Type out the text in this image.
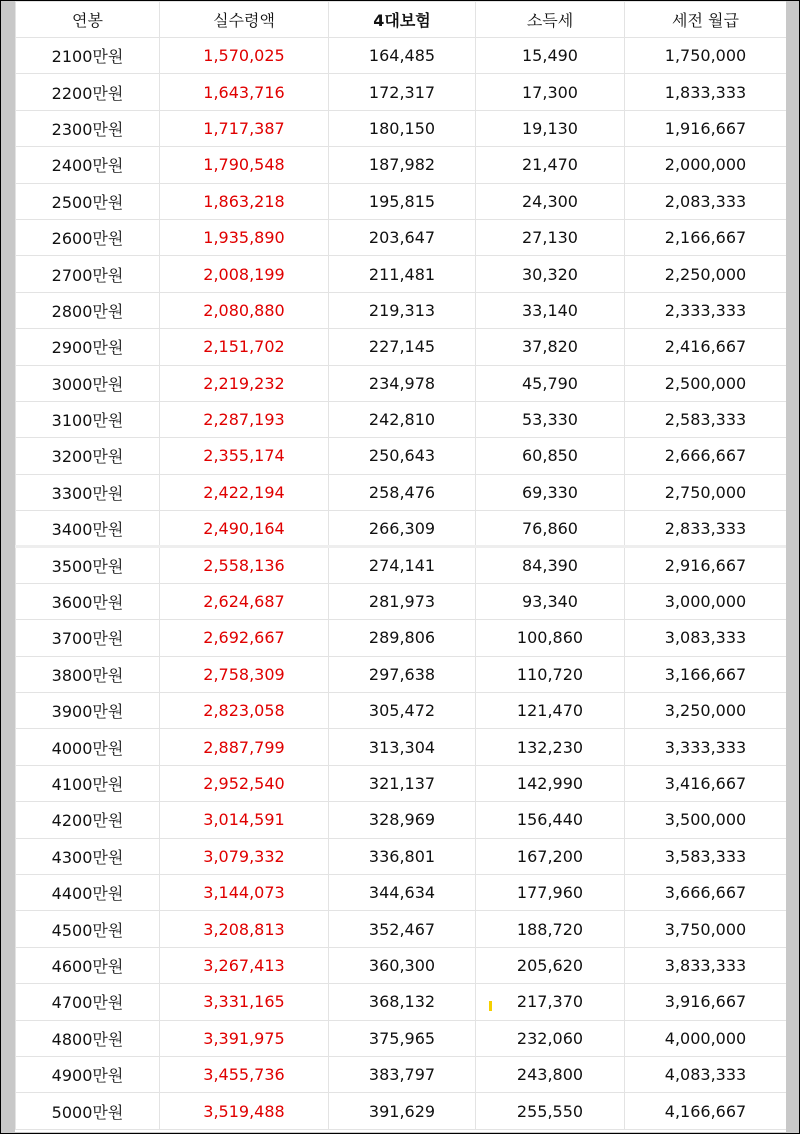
연봉	실수령액	4대보험	소득세	세전 월급
2100만원	1,570,025	164,485	15,490	1,750,000
2200만원	1,643,716	172,317	17,300	1,833,333
2300만원	1,717,387	180,150	19,130	1,916,667
2400만원	1,790,548	187,982	21,470	2,000,000
2500만원	1,863,218	195,815	24,300	2,083,333
2600만원	1,935,890	203,647	27,130	2,166,667
2700만원	2,008,199	211,481	30,320	2,250,000
2800만원	2,080,880	219,313	33,140	2,333,333
2900만원	2,151,702	227,145	37,820	2,416,667
3000만원	2,219,232	234,978	45,790	2,500,000
3100만원	2,287,193	242,810	53,330	2,583,333
3200만원	2,355,174	250,643	60,850	2,666,667
3300만원	2,422,194	258,476	69,330	2,750,000
3400만원	2,490,164	266,309	76,860	2,833,333
3500만원	2,558,136	274,141	84,390	2,916,667
3600만원	2,624,687	281,973	93,340	3,000,000
3700만원	2,692,667	289,806	100,860	3,083,333
3800만원	2,758,309	297,638	110,720	3,166,667
3900만원	2,823,058	305,472	121,470	3,250,000
4000만원	2,887,799	313,304	132,230	3,333,333
4100만원	2,952,540	321,137	142,990	3,416,667
4200만원	3,014,591	328,969	156,440	3,500,000
4300만원	3,079,332	336,801	167,200	3,583,333
4400만원	3,144,073	344,634	177,960	3,666,667
4500만원	3,208,813	352,467	188,720	3,750,000
4600만원	3,267,413	360,300	205,620	3,833,333
4700만원	3,331,165	368,132	217,370	3,916,667
4800만원	3,391,975	375,965	232,060	4,000,000
4900만원	3,455,736	383,797	243,800	4,083,333
5000만원	3,519,488	391,629	255,550	4,166,667
